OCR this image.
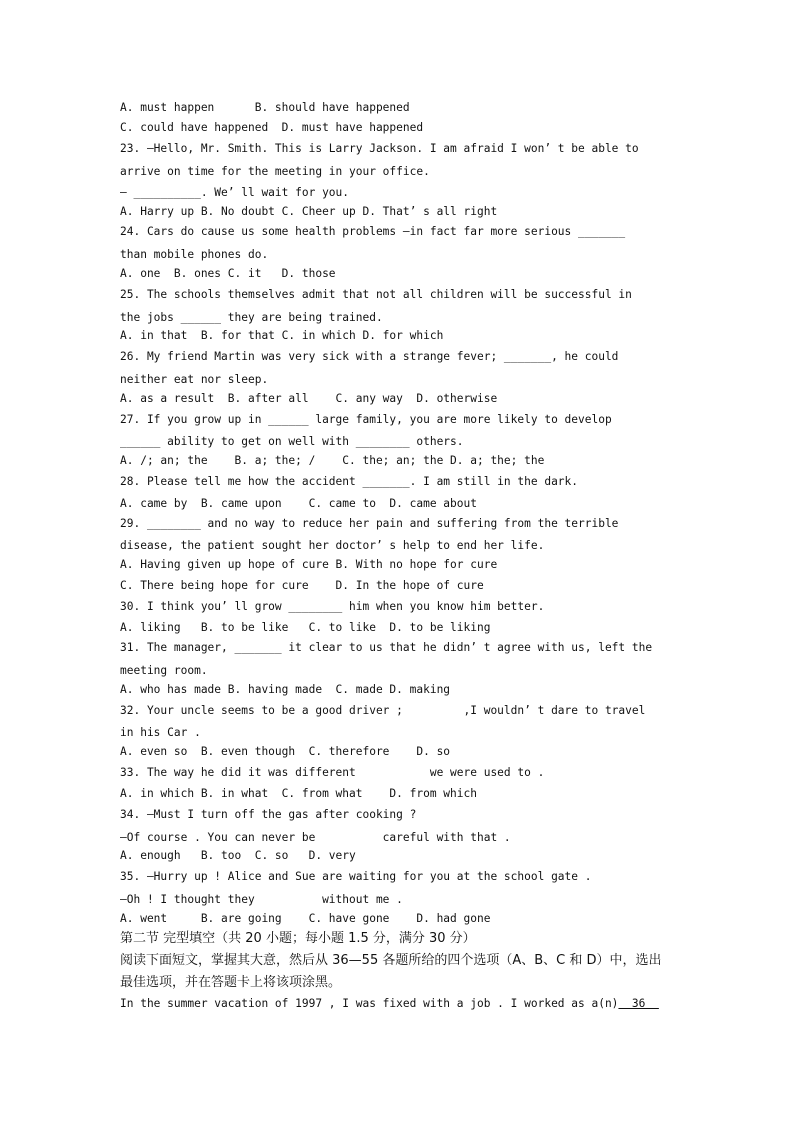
A. must happen      B. should have happened
C. could have happened  D. must have happened
23. —Hello, Mr. Smith. This is Larry Jackson. I am afraid I won’ t be able to
arrive on time for the meeting in your office.
— __________. We’ ll wait for you.
A. Harry up B. No doubt C. Cheer up D. That’ s all right
24. Cars do cause us some health problems —in fact far more serious _______
than mobile phones do.
A. one  B. ones C. it   D. those
25. The schools themselves admit that not all children will be successful in
the jobs ______ they are being trained.
A. in that  B. for that C. in which D. for which
26. My friend Martin was very sick with a strange fever; _______, he could
neither eat nor sleep.
A. as a result  B. after all    C. any way  D. otherwise
27. If you grow up in ______ large family, you are more likely to develop
______ ability to get on well with ________ others.
A. /; an; the    B. a; the; /    C. the; an; the D. a; the; the
28. Please tell me how the accident _______. I am still in the dark.
A. came by  B. came upon    C. came to  D. came about
29. ________ and no way to reduce her pain and suffering from the terrible
disease, the patient sought her doctor’ s help to end her life.
A. Having given up hope of cure B. With no hope for cure
C. There being hope for cure    D. In the hope of cure
30. I think you’ ll grow ________ him when you know him better.
A. liking   B. to be like   C. to like  D. to be liking
31. The manager, _______ it clear to us that he didn’ t agree with us, left the
meeting room.
A. who has made B. having made  C. made D. making
32. Your uncle seems to be a good driver ;         ,I wouldn’ t dare to travel
in his Car .
A. even so  B. even though  C. therefore    D. so
33. The way he did it was different           we were used to .
A. in which B. in what  C. from what    D. from which
34. —Must I turn off the gas after cooking ?
—Of course . You can never be          careful with that .
A. enough   B. too  C. so   D. very
35. —Hurry up ! Alice and Sue are waiting for you at the school gate .
—Oh ! I thought they          without me .
A. went     B. are going    C. have gone    D. had gone
第二节 完型填空（共 20 小题；每小题 1.5 分，满分 30 分）
阅读下面短文，掌握其大意，然后从 36—55 各题所给的四个选项（A、B、C 和 D）中，选出
最佳选项，并在答题卡上将该项涂黑。
In the summer vacation of 1997 , I was fixed with a job . I worked as a(n)  36
